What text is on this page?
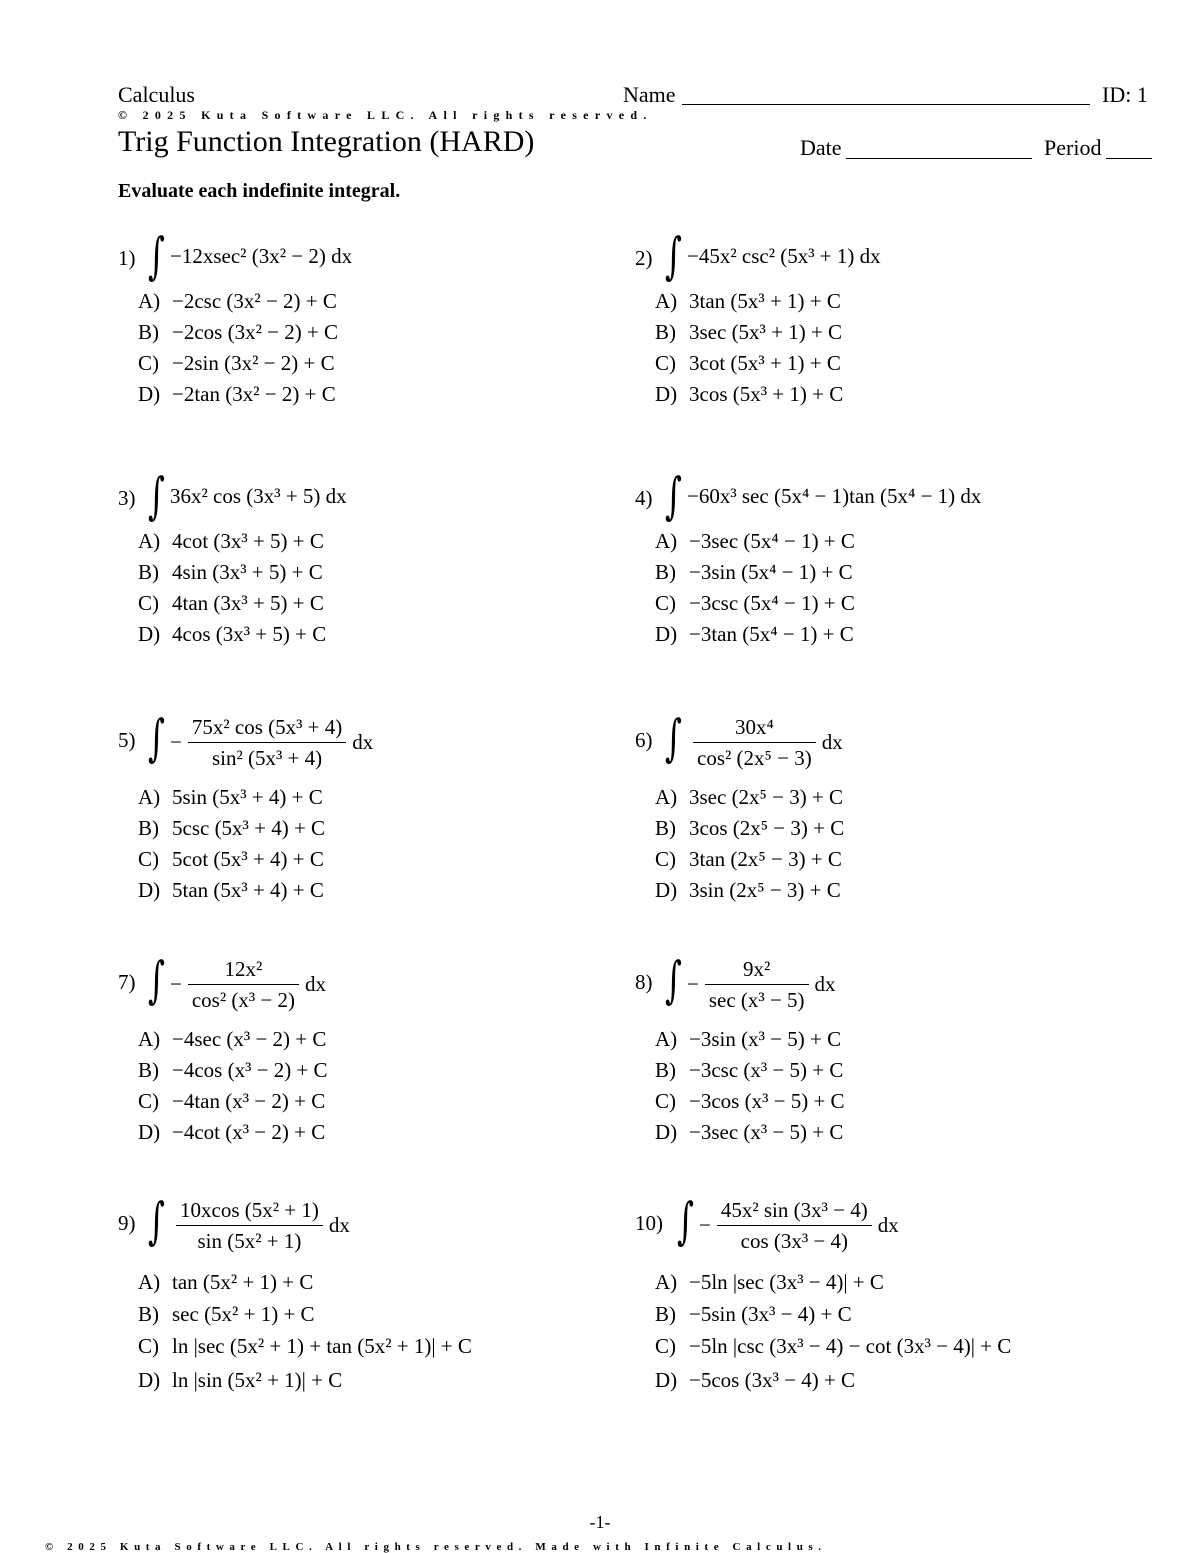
Calculus	Name	ID: 1
© 2025 Kuta Software LLC. All rights reserved.
Trig Function Integration (HARD)	Date	Period
Evaluate each indefinite integral.
1) ∫ −12xsec² (3x² − 2) dx
A) −2csc (3x² − 2) + C
B) −2cos (3x² − 2) + C
C) −2sin (3x² − 2) + C
D) −2tan (3x² − 2) + C
2) ∫ −45x² csc² (5x³ + 1) dx
A) 3tan (5x³ + 1) + C
B) 3sec (5x³ + 1) + C
C) 3cot (5x³ + 1) + C
D) 3cos (5x³ + 1) + C
3) ∫ 36x² cos (3x³ + 5) dx
A) 4cot (3x³ + 5) + C
B) 4sin (3x³ + 5) + C
C) 4tan (3x³ + 5) + C
D) 4cos (3x³ + 5) + C
4) ∫ −60x³ sec (5x⁴ − 1)tan (5x⁴ − 1) dx
A) −3sec (5x⁴ − 1) + C
B) −3sin (5x⁴ − 1) + C
C) −3csc (5x⁴ − 1) + C
D) −3tan (5x⁴ − 1) + C
5) ∫ − $\frac{\text{75x² cos (5x³ + 4)}}{\text{sin² (5x³ + 4)}}$ dx
A) 5sin (5x³ + 4) + C
B) 5csc (5x³ + 4) + C
C) 5cot (5x³ + 4) + C
D) 5tan (5x³ + 4) + C
6) ∫ $\frac{\text{30x⁴}}{\text{cos² (2x⁵ − 3)}}$ dx
A) 3sec (2x⁵ − 3) + C
B) 3cos (2x⁵ − 3) + C
C) 3tan (2x⁵ − 3) + C
D) 3sin (2x⁵ − 3) + C
7) ∫ − $\frac{\text{12x²}}{\text{cos² (x³ − 2)}}$ dx
A) −4sec (x³ − 2) + C
B) −4cos (x³ − 2) + C
C) −4tan (x³ − 2) + C
D) −4cot (x³ − 2) + C
8) ∫ − $\frac{\text{9x²}}{\text{sec (x³ − 5)}}$ dx
A) −3sin (x³ − 5) + C
B) −3csc (x³ − 5) + C
C) −3cos (x³ − 5) + C
D) −3sec (x³ − 5) + C
9) ∫ $\frac{\text{10xcos (5x² + 1)}}{\text{sin (5x² + 1)}}$ dx
A) tan (5x² + 1) + C
B) sec (5x² + 1) + C
C) ln |sec (5x² + 1) + tan (5x² + 1)| + C
D) ln |sin (5x² + 1)| + C
10) ∫ − $\frac{\text{45x² sin (3x³ − 4)}}{\text{cos (3x³ − 4)}}$ dx
A) −5ln |sec (3x³ − 4)| + C
B) −5sin (3x³ − 4) + C
C) −5ln |csc (3x³ − 4) − cot (3x³ − 4)| + C
D) −5cos (3x³ − 4) + C
-1-
© 2025 Kuta Software LLC. All rights reserved. Made with Infinite Calculus.
